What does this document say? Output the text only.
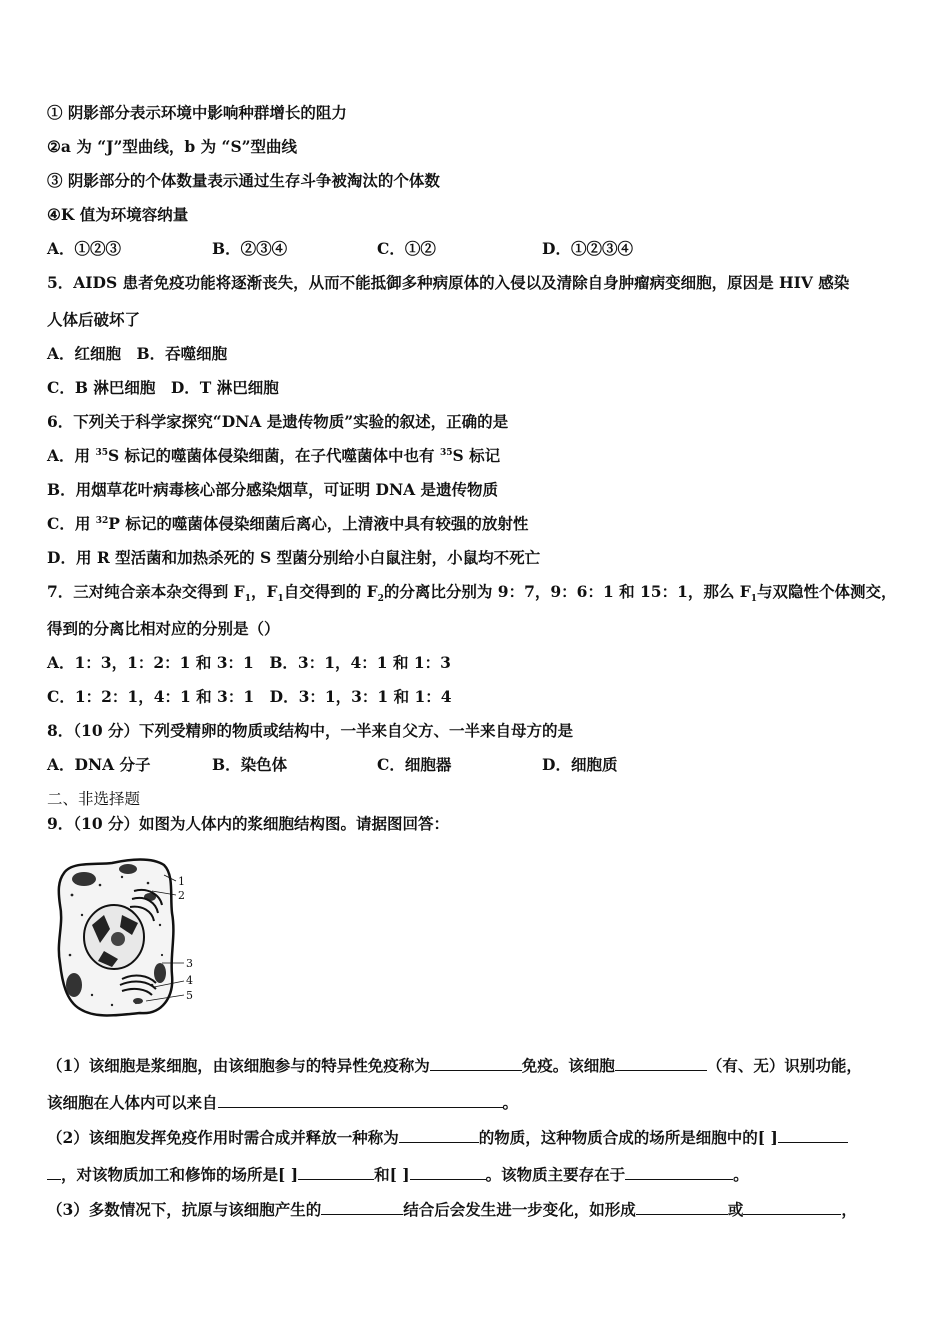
① 阴影部分表示环境中影响种群增长的阻力
②a 为 “J”型曲线，b 为 “S”型曲线
③ 阴影部分的个体数量表示通过生存斗争被淘汰的个体数
④K 值为环境容纳量
A．①②③	B．②③④	C．①②	D．①②③④
5．AIDS 患者免疫功能将逐渐丧失，从而不能抵御多种病原体的入侵以及清除自身肿瘤病变细胞，原因是 HIV 感染
人体后破坏了
A．红细胞　B．吞噬细胞
C．B 淋巴细胞　D．T 淋巴细胞
6．下列关于科学家探究“DNA 是遗传物质”实验的叙述，正确的是
A．用 $^{35}$S 标记的噬菌体侵染细菌，在子代噬菌体中也有 $^{35}$S 标记
B．用烟草花叶病毒核心部分感染烟草，可证明 DNA 是遗传物质
C．用 $^{32}$P 标记的噬菌体侵染细菌后离心，上清液中具有较强的放射性
D．用 R 型活菌和加热杀死的 S 型菌分别给小白鼠注射，小鼠均不死亡
7．三对纯合亲本杂交得到 $F_1$，$F_1$自交得到的 $F_2$的分离比分别为 9：7，9：6：1 和 15：1，那么 $F_1$与双隐性个体测交，
得到的分离比相对应的分别是（）
A．1：3，1：2：1 和 3：1　B．3：1，4：1 和 1：3
C．1：2：1，4：1 和 3：1　D．3：1，3：1 和 1：4
8．（10 分）下列受精卵的物质或结构中，一半来自父方、一半来自母方的是
A．DNA 分子	B．染色体	C．细胞器	D．细胞质
二、非选择题
9．（10 分）如图为人体内的浆细胞结构图。请据图回答：
1
2
3
4
5
（1）该细胞是浆细胞，由该细胞参与的特异性免疫称为	免疫。该细胞	（有、无）识别功能，
该细胞在人体内可以来自	。
（2）该细胞发挥免疫作用时需合成并释放一种称为	的物质，这种物质合成的场所是细胞中的[ ]
，对该物质加工和修饰的场所是[ ]	和[ ]	。该物质主要存在于	。
（3）多数情况下，抗原与该细胞产生的	结合后会发生进一步变化，如形成	或	，
